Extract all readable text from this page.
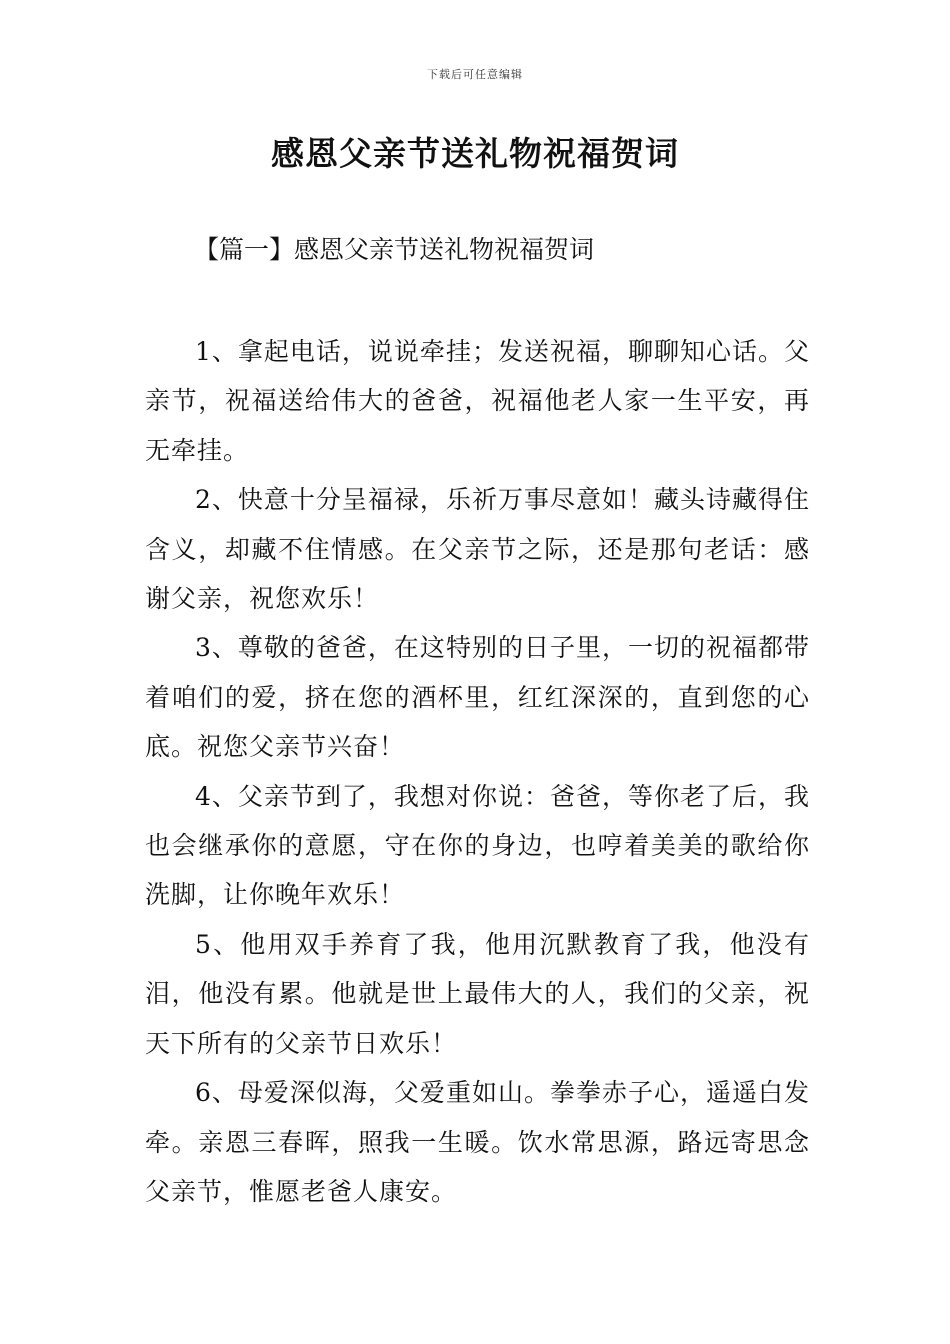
下载后可任意编辑
感恩父亲节送礼物祝福贺词
【篇一】感恩父亲节送礼物祝福贺词

1、拿起电话，说说牵挂；发送祝福，聊聊知心话。父亲节，祝福送给伟大的爸爸，祝福他老人家一生平安，再无牵挂。

2、快意十分呈福禄，乐祈万事尽意如！藏头诗藏得住含义，却藏不住情感。在父亲节之际，还是那句老话：感谢父亲，祝您欢乐！

3、尊敬的爸爸，在这特别的日子里，一切的祝福都带着咱们的爱，挤在您的酒杯里，红红深深的，直到您的心底。祝您父亲节兴奋！

4、父亲节到了，我想对你说：爸爸，等你老了后，我也会继承你的意愿，守在你的身边，也哼着美美的歌给你洗脚，让你晚年欢乐！

5、他用双手养育了我，他用沉默教育了我，他没有泪，他没有累。他就是世上最伟大的人，我们的父亲，祝天下所有的父亲节日欢乐！

6、母爱深似海，父爱重如山。拳拳赤子心，遥遥白发牵。亲恩三春晖，照我一生暖。饮水常思源，路远寄思念父亲节，惟愿老爸人康安。
